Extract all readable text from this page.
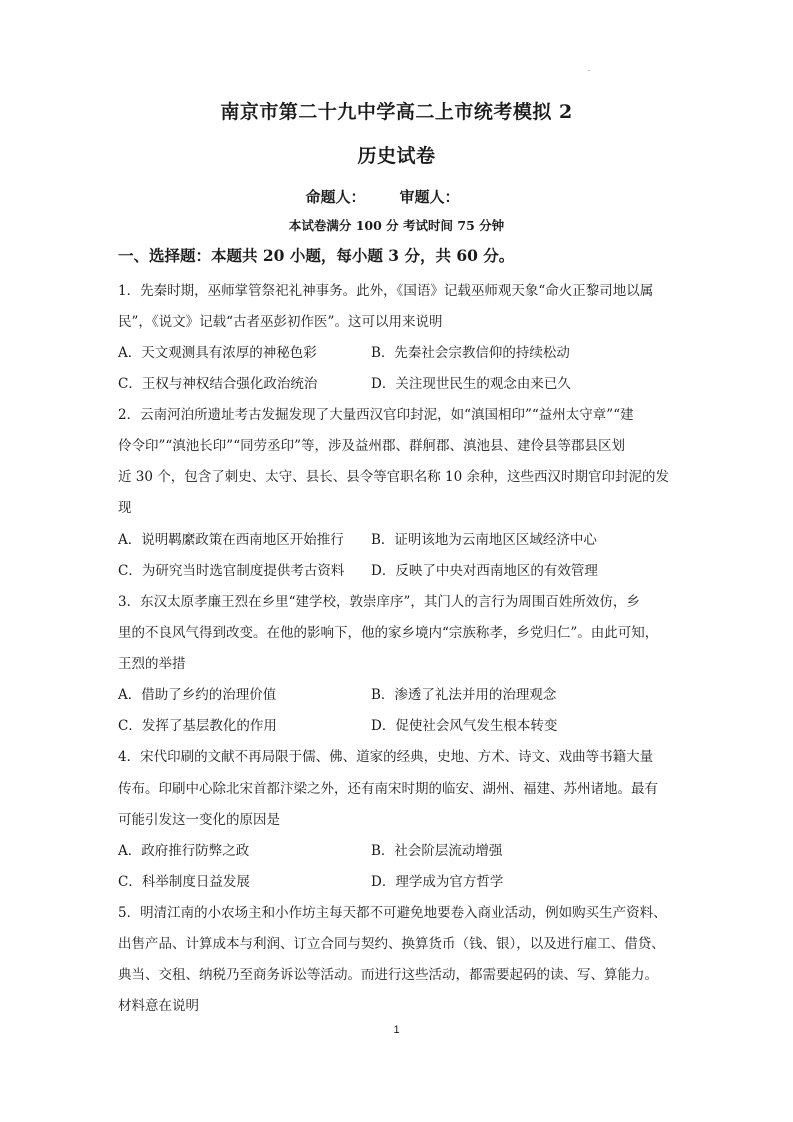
南京市第二十九中学高二上市统考模拟 2
历史试卷
命题人： 审题人：
本试卷满分 100 分 考试时间 75 分钟
一、选择题：本题共 20 小题，每小题 3 分，共 60 分。
1．先秦时期，巫师掌管祭祀礼神事务。此外，《国语》记载巫师观天象“命火正黎司地以属
民”，《说文》记载“古者巫彭初作医”。这可以用来说明
A．天文观测具有浓厚的神秘色彩	B．先秦社会宗教信仰的持续松动
C．王权与神权结合强化政治统治	D．关注现世民生的观念由来已久
2．云南河泊所遗址考古发掘发现了大量西汉官印封泥，如“滇国相印”“益州太守章”“建
伶令印”“滇池长印”“同劳丞印”等，涉及益州郡、群舸郡、滇池县、建伶县等郡县区划
近 30 个，包含了刺史、太守、县长、县令等官职名称 10 余种，这些西汉时期官印封泥的发
现
A．说明羁縻政策在西南地区开始推行 B．证明该地为云南地区区域经济中心
C．为研究当时选官制度提供考古资料 D．反映了中央对西南地区的有效管理
3．东汉太原孝廉王烈在乡里“建学校，敦崇庠序”，其门人的言行为周围百姓所效仿，乡
里的不良风气得到改变。在他的影响下，他的家乡境内“宗族称孝，乡党归仁”。由此可知，
王烈的举措
A．借助了乡约的治理价值	B．渗透了礼法并用的治理观念
C．发挥了基层教化的作用	D．促使社会风气发生根本转变
4．宋代印刷的文献不再局限于儒、佛、道家的经典，史地、方术、诗文、戏曲等书籍大量
传布。印刷中心除北宋首都汴梁之外，还有南宋时期的临安、湖州、福建、苏州诸地。最有
可能引发这一变化的原因是
A．政府推行防弊之政	B．社会阶层流动增强
C．科举制度日益发展	D．理学成为官方哲学
5．明清江南的小农场主和小作坊主每天都不可避免地要卷入商业活动，例如购买生产资料、
出售产品、计算成本与利润、订立合同与契约、换算货币（钱、银），以及进行雇工、借贷、
典当、交租、纳税乃至商务诉讼等活动。而进行这些活动，都需要起码的读、写、算能力。
材料意在说明
1
